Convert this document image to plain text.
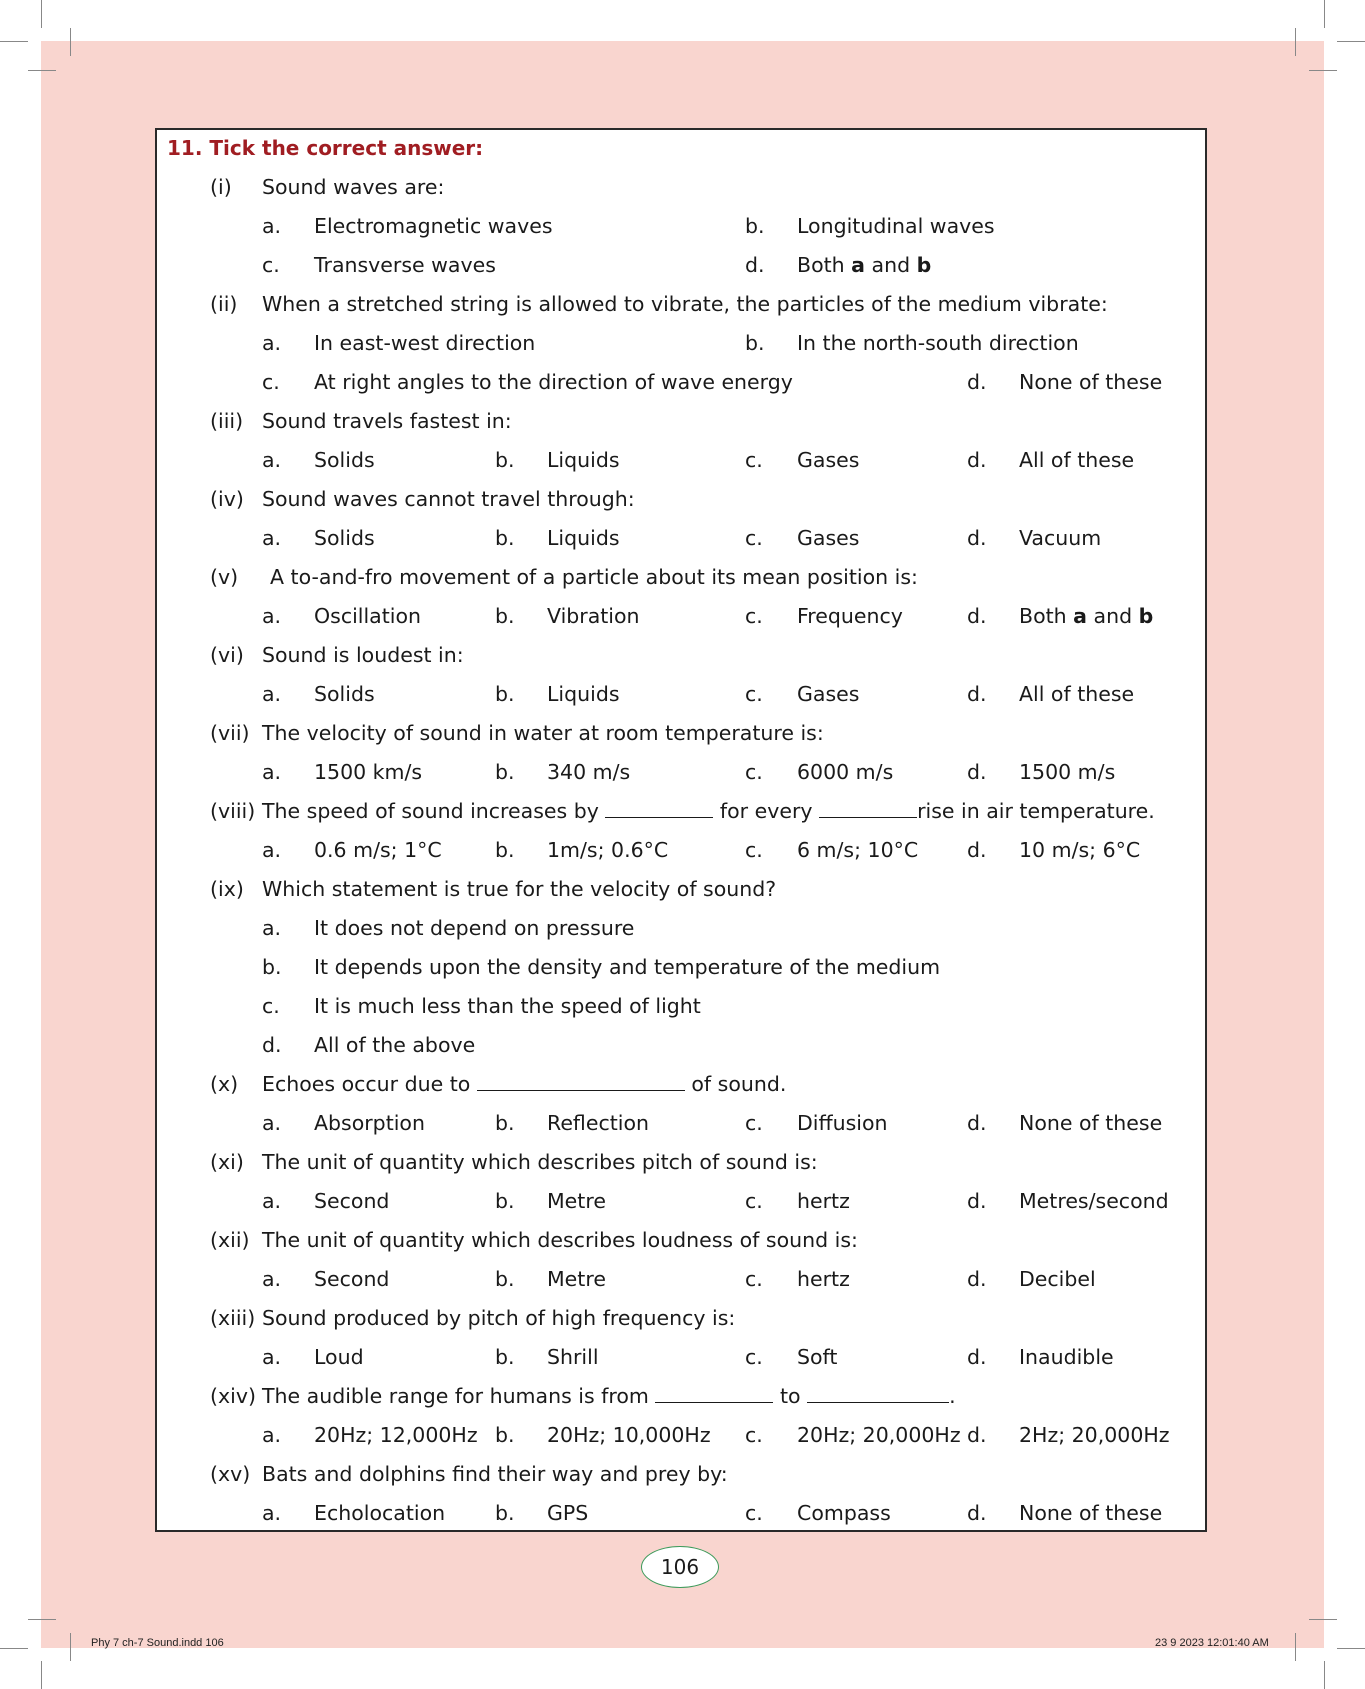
11. Tick the correct answer:
(i) Sound waves are:
a. Electromagnetic waves	b. Longitudinal waves
c. Transverse waves	d. Both a and b
(ii) When a stretched string is allowed to vibrate, the particles of the medium vibrate:
a. In east-west direction	b. In the north-south direction
c. At right angles to the direction of wave energy	d. None of these
(iii) Sound travels fastest in:
a. Solids	b. Liquids	c. Gases	d. All of these
(iv) Sound waves cannot travel through:
a. Solids	b. Liquids	c. Gases	d. Vacuum
(v) A to-and-fro movement of a particle about its mean position is:
a. Oscillation	b. Vibration	c. Frequency	d. Both a and b
(vi) Sound is loudest in:
a. Solids	b. Liquids	c. Gases	d. All of these
(vii) The velocity of sound in water at room temperature is:
a. 1500 km/s	b. 340 m/s	c. 6000 m/s	d. 1500 m/s
(viii) The speed of sound increases by	for every	rise in air temperature.
a. 0.6 m/s; 1°C	b. 1m/s; 0.6°C	c. 6 m/s; 10°C d. 10 m/s; 6°C
(ix) Which statement is true for the velocity of sound?
a. It does not depend on pressure
b. It depends upon the density and temperature of the medium
c. It is much less than the speed of light
d. All of the above
(x) Echoes occur due to	of sound.
a. Absorption	b. Reflection	c. Diffusion	d. None of these
(xi) The unit of quantity which describes pitch of sound is:
a. Second	b. Metre	c. hertz	d. Metres/second
(xii) The unit of quantity which describes loudness of sound is:
a. Second	b. Metre	c. hertz	d. Decibel
(xiii) Sound produced by pitch of high frequency is:
a. Loud	b. Shrill	c. Soft	d. Inaudible
(xiv) The audible range for humans is from	to	.
a. 20Hz; 12,000Hz b. 20Hz; 10,000Hz c. 20Hz; 20,000Hz d. 2Hz; 20,000Hz
(xv) Bats and dolphins find their way and prey by:
a. Echolocation b. GPS	c. Compass	d. None of these
106
Phy 7 ch-7 Sound.indd 106	23 9 2023 12:01:40 AM
